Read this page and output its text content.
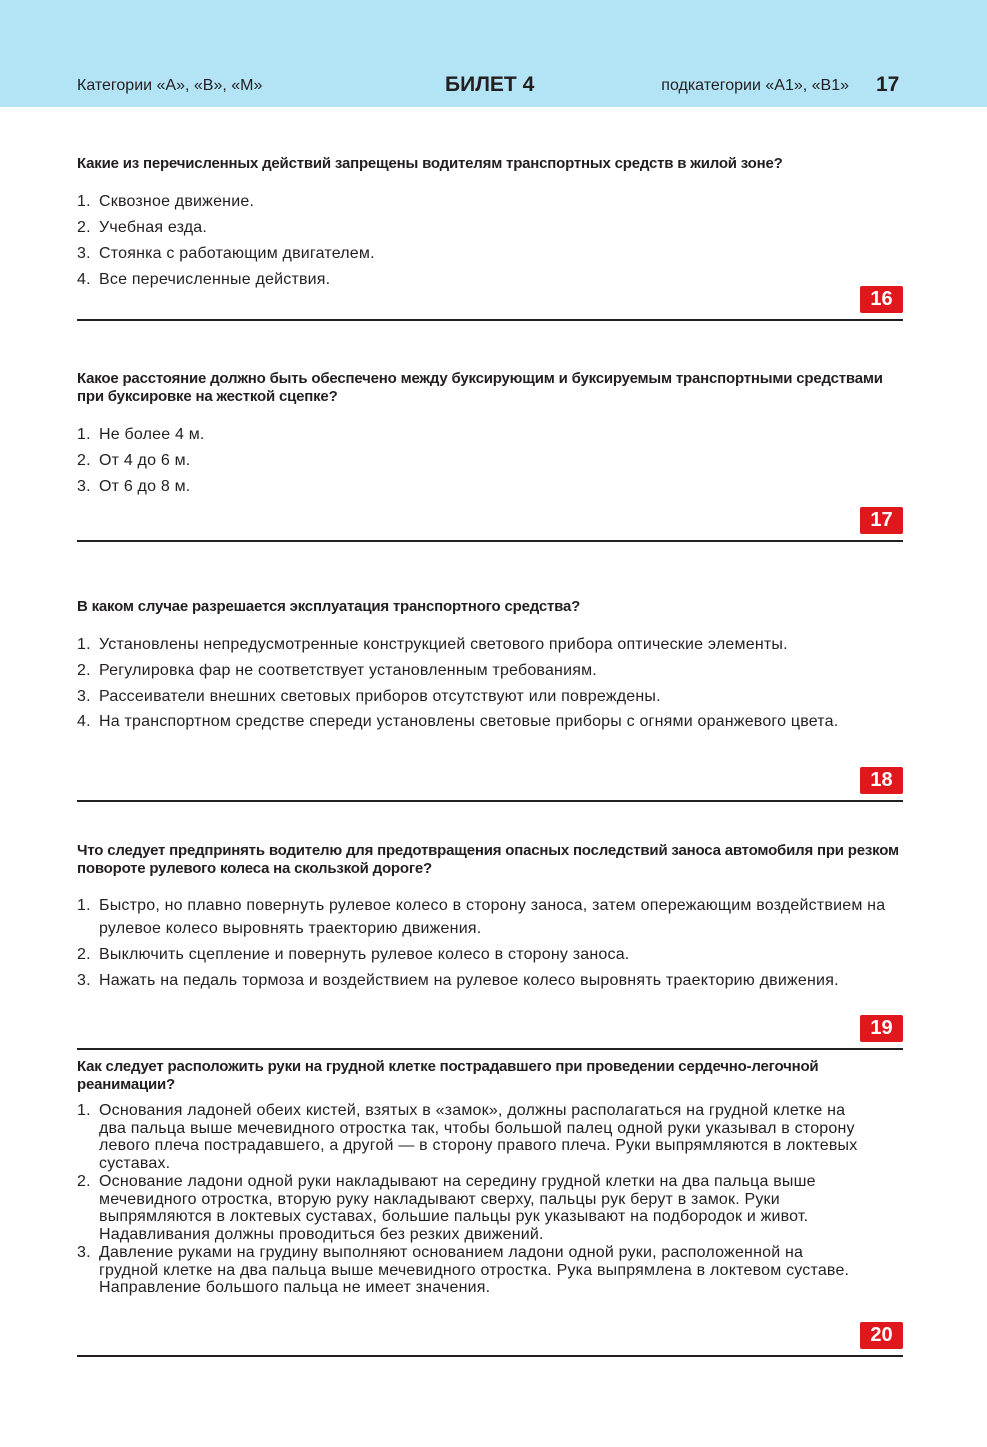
Категории «A», «B», «M»	БИЛЕТ 4	подкатегории «A1», «B1» 17

Какие из перечисленных действий запрещены водителям транспортных средств в жилой зоне?

1. Сквозное движение.
2. Учебная езда.
3. Стоянка с работающим двигателем.
4. Все перечисленные действия.
16

Какое расстояние должно быть обеспечено между буксирующим и буксируемым транспортными средствами при буксировке на жесткой сцепке?

1. Не более 4 м.
2. От 4 до 6 м.
3. От 6 до 8 м.
17

В каком случае разрешается эксплуатация транспортного средства?

1. Установлены непредусмотренные конструкцией светового прибора оптические элементы.
2. Регулировка фар не соответствует установленным требованиям.
3. Рассеиватели внешних световых приборов отсутствуют или повреждены.
4. На транспортном средстве спереди установлены световые приборы с огнями оранжевого цвета.
18

Что следует предпринять водителю для предотвращения опасных последствий заноса автомобиля при резком повороте рулевого колеса на скользкой дороге?

1. Быстро, но плавно повернуть рулевое колесо в сторону заноса, затем опережающим воздействием на рулевое колесо выровнять траекторию движения.
2. Выключить сцепление и повернуть рулевое колесо в сторону заноса.
3. Нажать на педаль тормоза и воздействием на рулевое колесо выровнять траекторию движения.
19

Как следует расположить руки на грудной клетке пострадавшего при проведении сердечно-легочной реанимации?

1. Основания ладоней обеих кистей, взятых в «замок», должны располагаться на грудной клетке на два пальца выше мечевидного отростка так, чтобы большой палец одной руки указывал в сторону левого плеча пострадавшего, а другой — в сторону правого плеча. Руки выпрямляются в локтевых суставах.
2. Основание ладони одной руки накладывают на середину грудной клетки на два пальца выше мечевидного отростка, вторую руку накладывают сверху, пальцы рук берут в замок. Руки выпрямляются в локтевых суставах, большие пальцы рук указывают на подбородок и живот. Надавливания должны проводиться без резких движений.
3. Давление руками на грудину выполняют основанием ладони одной руки, расположенной на грудной клетке на два пальца выше мечевидного отростка. Рука выпрямлена в локтевом суставе. Направление большого пальца не имеет значения.
20
